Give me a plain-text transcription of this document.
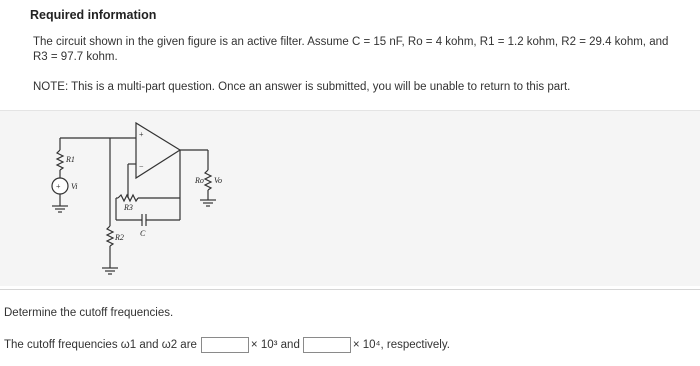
Required information
The circuit shown in the given figure is an active filter. Assume C = 15 nF, Ro = 4 kohm, R1 = 1.2 kohm, R2 = 29.4 kohm, and
R3 = 97.7 kohm.
NOTE: This is a multi-part question. Once an answer is submitted, you will be unable to return to this part.
R1
Vi
R2
R3
C
Ro Vo
+
−
+
Determine the cutoff frequencies.
The cutoff frequencies ω1 and ω2 are	× 10³ and	× 10⁴, respectively.
